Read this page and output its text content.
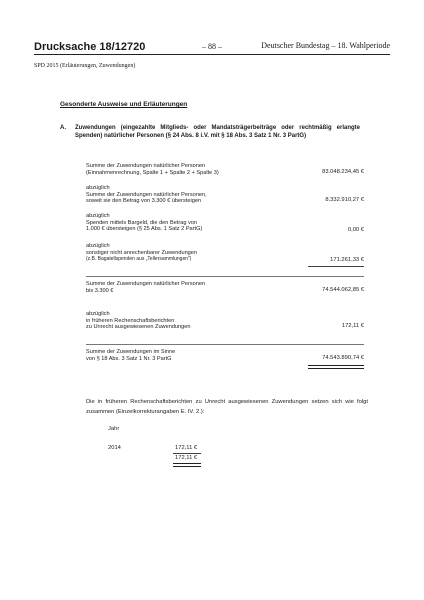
Drucksache 18/12720	– 88 –	Deutscher Bundestag – 18. Wahlperiode
SPD 2015 (Erläuterungen, Zuwendungen)
Gesonderte Ausweise und Erläuterungen
A. Zuwendungen (eingezahlte Mitglieds- oder Mandatsträgerbeiträge oder rechtmäßig erlangte Spenden) natürlicher Personen (§ 24 Abs. 8 i.V. mit § 18 Abs. 3 Satz 1 Nr. 3 PartG)
Summe der Zuwendungen natürlicher Personen
(Einnahmenrechnung, Spalte 1 + Spalte 2 + Spalte 3)	83.048.234,45 €
abzüglich
Summe der Zuwendungen natürlicher Personen,
soweit sie den Betrag von 3.300 € übersteigen	8.332.910,27 €
abzüglich
Spenden mittels Bargeld, die den Betrag von
1.000 € übersteigen (§ 25 Abs. 1 Satz 2 PartG)	0,00 €
abzüglich
sonstiger nicht anrechenbarer Zuwendungen
(z.B. Bagatellspenden aus „Tellersammlungen“)	171.261,33 €
Summe der Zuwendungen natürlicher Personen
bis 3.300 €	74.544.062,85 €
abzüglich
in früheren Rechenschaftsberichten
zu Unrecht ausgewiesenen Zuwendungen	172,11 €
Summe der Zuwendungen im Sinne
von § 18 Abs. 3 Satz 1 Nr. 3 PartG	74.543.890,74 €
Die in früheren Rechenschaftsberichten zu Unrecht ausgewiesenen Zuwendungen setzen sich wie folgt zusammen (Einzelkorrekturangaben E. IV. 2.):
Jahr
2014	172,11 €
172,11 €
